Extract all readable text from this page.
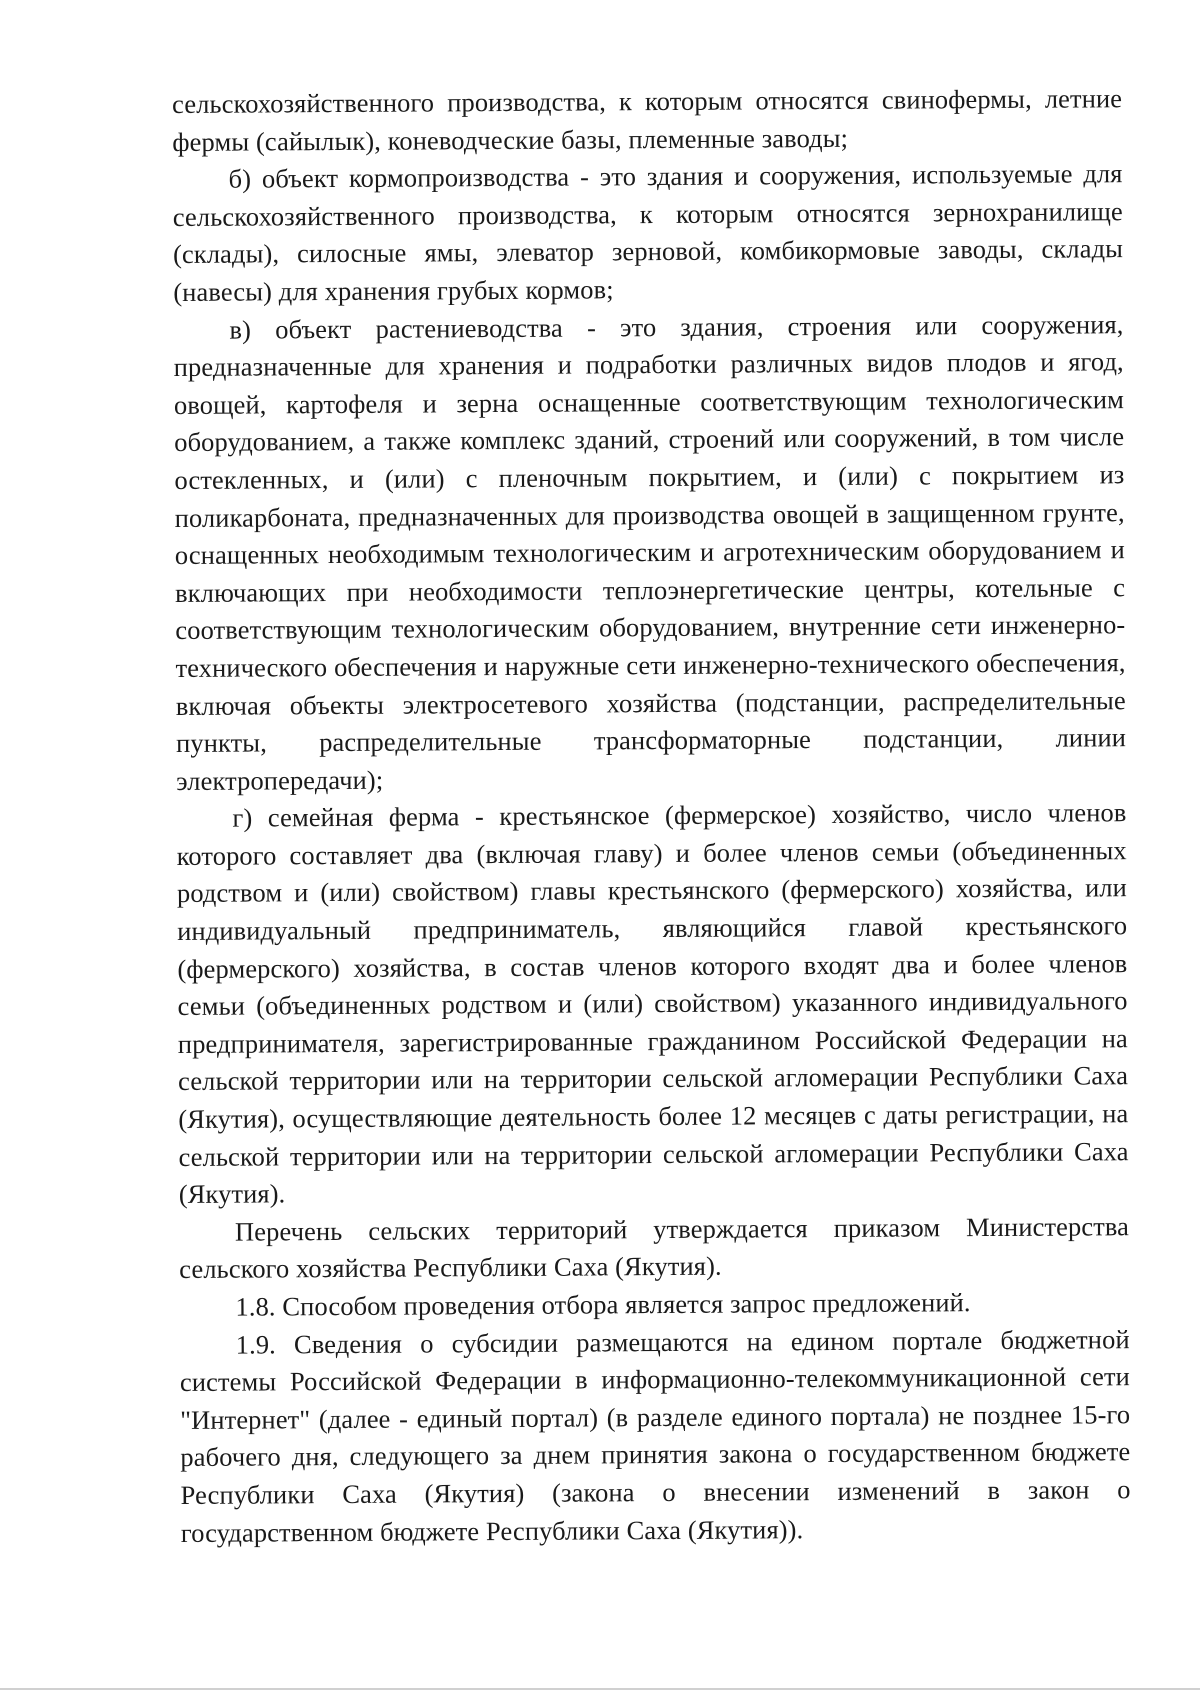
сельскохозяйственного производства, к которым относятся свинофермы, летние фермы (сайылык), коневодческие базы, племенные заводы;

б) объект кормопроизводства - это здания и сооружения, используемые для сельскохозяйственного производства, к которым относятся зернохранилище (склады), силосные ямы, элеватор зерновой, комбикормовые заводы, склады (навесы) для хранения грубых кормов;

в) объект растениеводства - это здания, строения или сооружения, предназначенные для хранения и подработки различных видов плодов и ягод, овощей, картофеля и зерна оснащенные соответствующим технологическим оборудованием, а также комплекс зданий, строений или сооружений, в том числе остекленных, и (или) с пленочным покрытием, и (или) с покрытием из поликарбоната, предназначенных для производства овощей в защищенном грунте, оснащенных необходимым технологическим и агротехническим оборудованием и включающих при необходимости теплоэнергетические центры, котельные с соответствующим технологическим оборудованием, внутренние сети инженерно-технического обеспечения и наружные сети инженерно-технического обеспечения, включая объекты электросетевого хозяйства (подстанции, распределительные пункты, распределительные трансформаторные подстанции, линии электропередачи);

г) семейная ферма - крестьянское (фермерское) хозяйство, число членов которого составляет два (включая главу) и более членов семьи (объединенных родством и (или) свойством) главы крестьянского (фермерского) хозяйства, или индивидуальный предприниматель, являющийся главой крестьянского (фермерского) хозяйства, в состав членов которого входят два и более членов семьи (объединенных родством и (или) свойством) указанного индивидуального предпринимателя, зарегистрированные гражданином Российской Федерации на сельской территории или на территории сельской агломерации Республики Саха (Якутия), осуществляющие деятельность более 12 месяцев с даты регистрации, на сельской территории или на территории сельской агломерации Республики Саха (Якутия).

Перечень сельских территорий утверждается приказом Министерства сельского хозяйства Республики Саха (Якутия).

1.8. Способом проведения отбора является запрос предложений.

1.9. Сведения о субсидии размещаются на едином портале бюджетной системы Российской Федерации в информационно-телекоммуникационной сети "Интернет" (далее - единый портал) (в разделе единого портала) не позднее 15-го рабочего дня, следующего за днем принятия закона о государственном бюджете Республики Саха (Якутия) (закона о внесении изменений в закон о государственном бюджете Республики Саха (Якутия)).
